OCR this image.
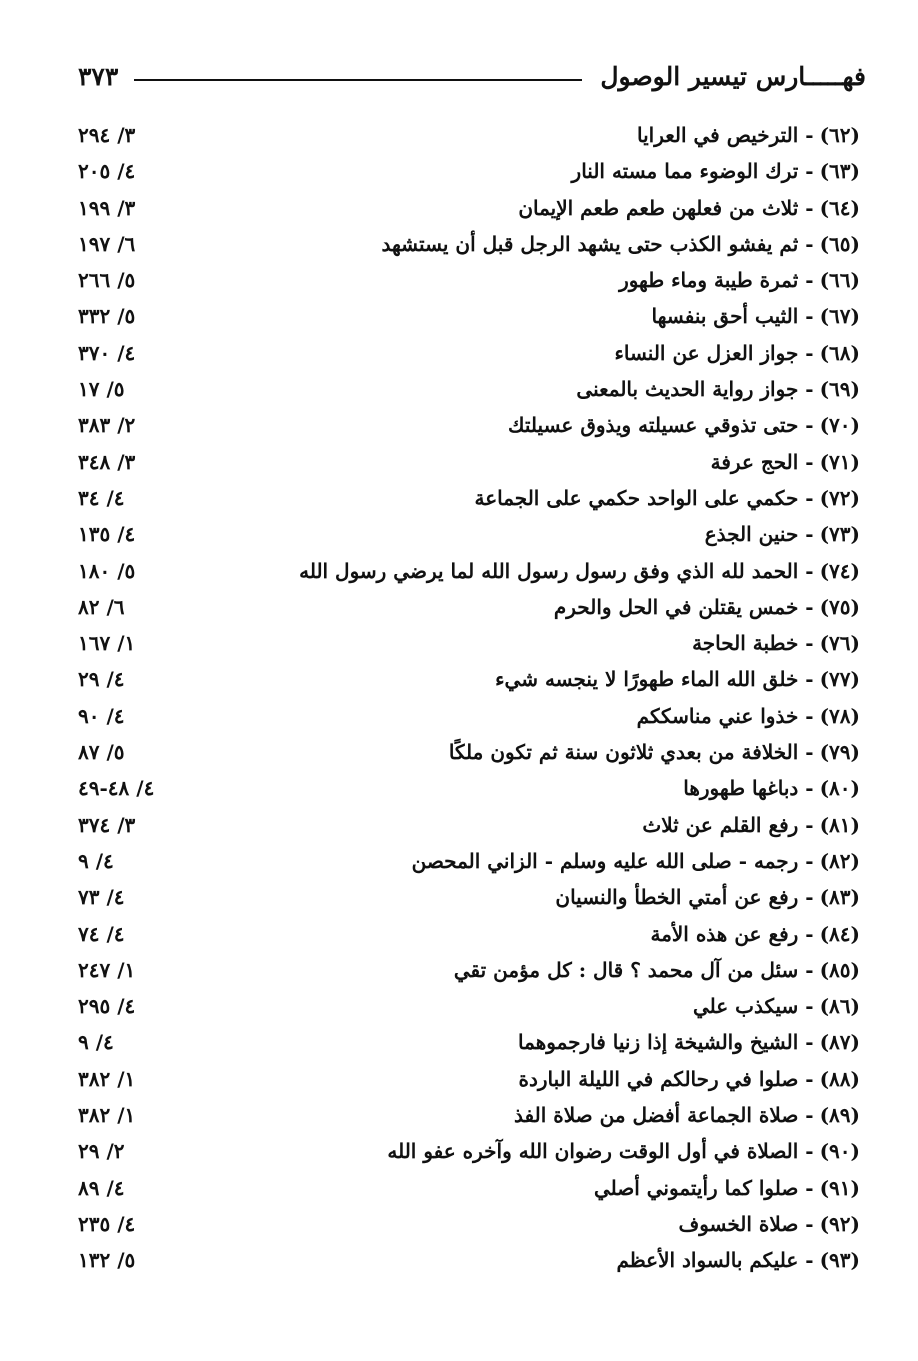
فهـــــارس تيسير الوصول
٣٧٣
(٦٢)
- الترخيص في العرايا
٣/ ٢٩٤
(٦٣)
- ترك الوضوء مما مسته النار
٤/ ٢٠٥
(٦٤)
- ثلاث من فعلهن طعم طعم الإيمان
٣/ ١٩٩
(٦٥)
- ثم يفشو الكذب حتى يشهد الرجل قبل أن يستشهد
٦/ ١٩٧
(٦٦)
- ثمرة طيبة وماء طهور
٥/ ٢٦٦
(٦٧)
- الثيب أحق بنفسها
٥/ ٣٣٢
(٦٨)
- جواز العزل عن النساء
٤/ ٣٧٠
(٦٩)
- جواز رواية الحديث بالمعنى
٥/ ١٧
(٧٠)
- حتى تذوقي عسيلته ويذوق عسيلتك
٢/ ٣٨٣
(٧١)
- الحج عرفة
٣/ ٣٤٨
(٧٢)
- حكمي على الواحد حكمي على الجماعة
٤/ ٣٤
(٧٣)
- حنين الجذع
٤/ ١٣٥
(٧٤)
- الحمد لله الذي وفق رسول رسول الله لما يرضي رسول الله
٥/ ١٨٠
(٧٥)
- خمس يقتلن في الحل والحرم
٦/ ٨٢
(٧٦)
- خطبة الحاجة
١/ ١٦٧
(٧٧)
- خلق الله الماء طهورًا لا ينجسه شيء
٤/ ٢٩
(٧٨)
- خذوا عني مناسككم
٤/ ٩٠
(٧٩)
- الخلافة من بعدي ثلاثون سنة ثم تكون ملكًا
٥/ ٨٧
(٨٠)
- دباغها طهورها
٤/ ٤٨-٤٩
(٨١)
- رفع القلم عن ثلاث
٣/ ٣٧٤
(٨٢)
- رجمه - صلى الله عليه وسلم - الزاني المحصن
٤/ ٩
(٨٣)
- رفع عن أمتي الخطأ والنسيان
٤/ ٧٣
(٨٤)
- رفع عن هذه الأمة
٤/ ٧٤
(٨٥)
- سئل من آل محمد ؟ قال : كل مؤمن تقي
١/ ٢٤٧
(٨٦)
- سيكذب علي
٤/ ٢٩٥
(٨٧)
- الشيخ والشيخة إذا زنيا فارجموهما
٤/ ٩
(٨٨)
- صلوا في رحالكم في الليلة الباردة
١/ ٣٨٢
(٨٩)
- صلاة الجماعة أفضل من صلاة الفذ
١/ ٣٨٢
(٩٠)
- الصلاة في أول الوقت رضوان الله وآخره عفو الله
٢/ ٢٩
(٩١)
- صلوا كما رأيتموني أصلي
٤/ ٨٩
(٩٢)
- صلاة الخسوف
٤/ ٢٣٥
(٩٣)
- عليكم بالسواد الأعظم
٥/ ١٣٢
